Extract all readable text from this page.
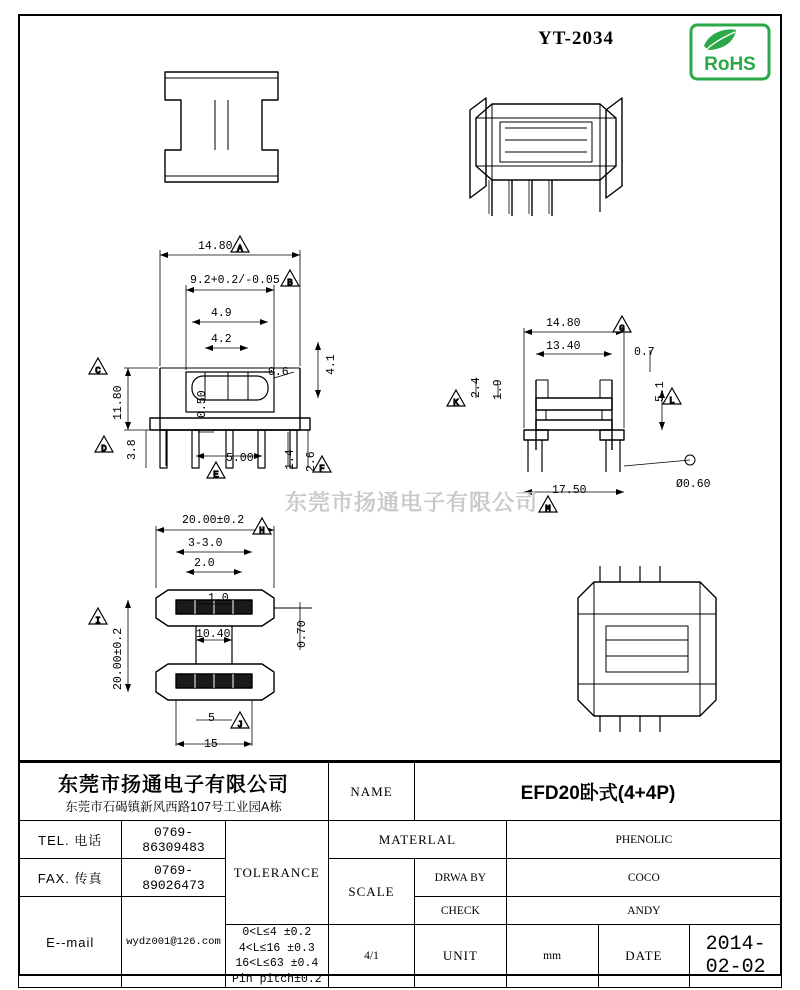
YT-2034
RoHS
A
B
C
D
E
F
G
K	L
M
H
I
J
14.80
9.2+0.2/-0.05
4.9
4.2
4.1
0.6
11.80	0.50
3.8	5.00	1.4 2.6
14.80
13.40	0.7
2.4 1.9	5.1
17.50	Ø0.60
20.00±0.2
3-3.0
2.0
1.0
10.40	0.70
20.00±0.2
5
15
东莞市扬通电子有限公司
东莞市扬通电子有限公司
东莞市石碣镇新风西路107号工业园A栋			NAME	EFD20卧式(4+4P)			
TEL. 电话	0769-86309483	TOLERANCE	MATERLAL		PHENOLIC		
FAX. 传真	0769-89026473		SCALE	DRWA BY	COCO		
E--mail	wydz001@126.com			CHECK	ANDY		

		0<L≤4 ±0.2
4<L≤16 ±0.3
16<L≤63 ±0.4
Pin pitch±0.2	4/1	UNIT	mm	DATE	2014-02-02
